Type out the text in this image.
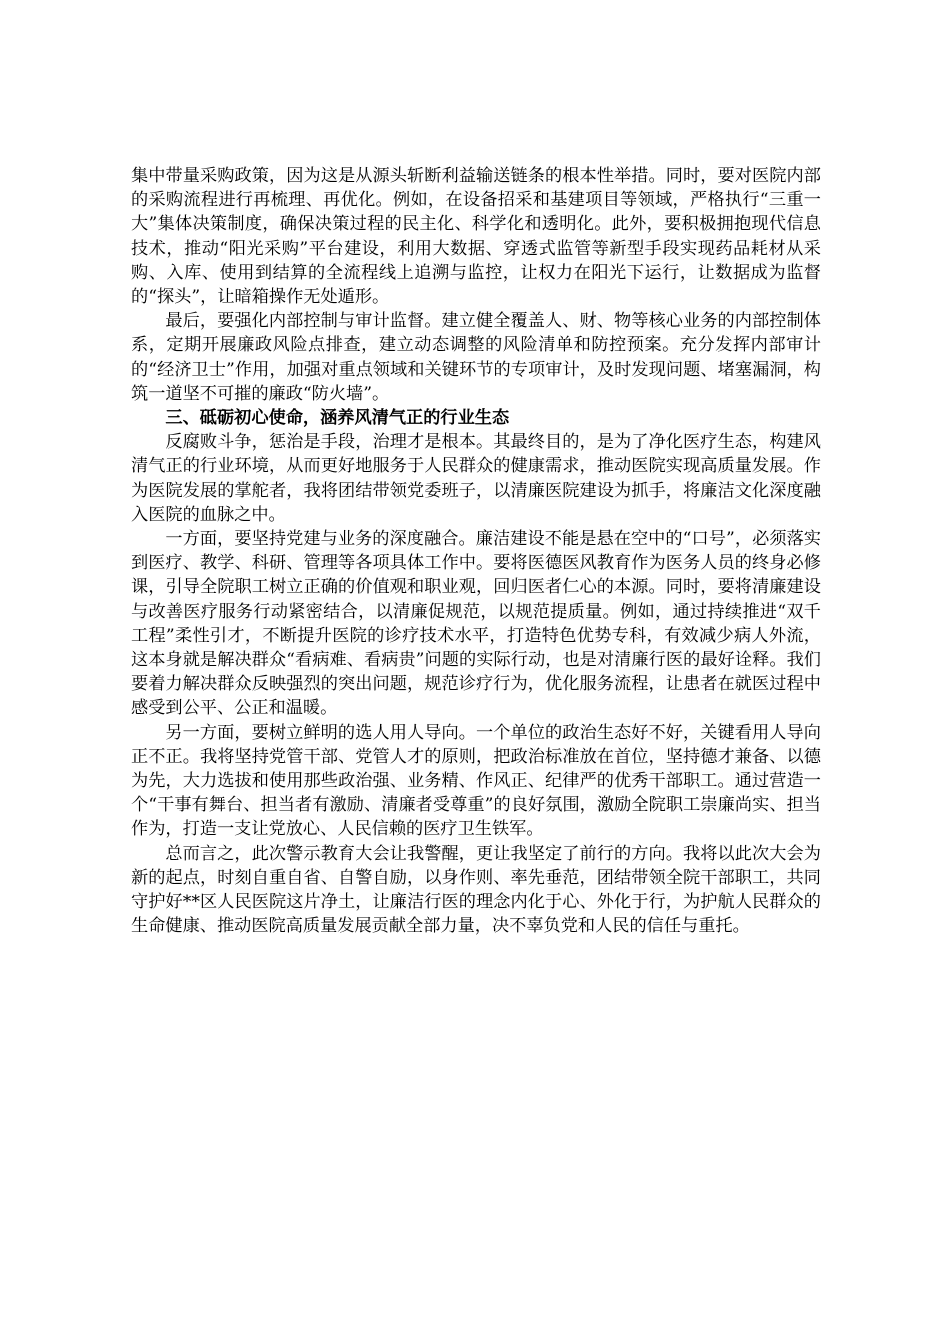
集中带量采购政策，因为这是从源头斩断利益输送链条的根本性举措。同时，要对医院内部的采购流程进行再梳理、再优化。例如，在设备招采和基建项目等领域，严格执行“三重一大”集体决策制度，确保决策过程的民主化、科学化和透明化。此外，要积极拥抱现代信息技术，推动“阳光采购”平台建设，利用大数据、穿透式监管等新型手段实现药品耗材从采购、入库、使用到结算的全流程线上追溯与监控，让权力在阳光下运行，让数据成为监督的“探头”，让暗箱操作无处遁形。

最后，要强化内部控制与审计监督。建立健全覆盖人、财、物等核心业务的内部控制体系，定期开展廉政风险点排查，建立动态调整的风险清单和防控预案。充分发挥内部审计的“经济卫士”作用，加强对重点领域和关键环节的专项审计，及时发现问题、堵塞漏洞，构筑一道坚不可摧的廉政“防火墙”。

三、砥砺初心使命，涵养风清气正的行业生态

反腐败斗争，惩治是手段，治理才是根本。其最终目的，是为了净化医疗生态，构建风清气正的行业环境，从而更好地服务于人民群众的健康需求，推动医院实现高质量发展。作为医院发展的掌舵者，我将团结带领党委班子，以清廉医院建设为抓手，将廉洁文化深度融入医院的血脉之中。

一方面，要坚持党建与业务的深度融合。廉洁建设不能是悬在空中的“口号”，必须落实到医疗、教学、科研、管理等各项具体工作中。要将医德医风教育作为医务人员的终身必修课，引导全院职工树立正确的价值观和职业观，回归医者仁心的本源。同时，要将清廉建设与改善医疗服务行动紧密结合，以清廉促规范，以规范提质量。例如，通过持续推进“双千工程”柔性引才，不断提升医院的诊疗技术水平，打造特色优势专科，有效减少病人外流，这本身就是解决群众“看病难、看病贵”问题的实际行动，也是对清廉行医的最好诠释。我们要着力解决群众反映强烈的突出问题，规范诊疗行为，优化服务流程，让患者在就医过程中感受到公平、公正和温暖。

另一方面，要树立鲜明的选人用人导向。一个单位的政治生态好不好，关键看用人导向正不正。我将坚持党管干部、党管人才的原则，把政治标准放在首位，坚持德才兼备、以德为先，大力选拔和使用那些政治强、业务精、作风正、纪律严的优秀干部职工。通过营造一个“干事有舞台、担当者有激励、清廉者受尊重”的良好氛围，激励全院职工崇廉尚实、担当作为，打造一支让党放心、人民信赖的医疗卫生铁军。

总而言之，此次警示教育大会让我警醒，更让我坚定了前行的方向。我将以此次大会为新的起点，时刻自重自省、自警自励，以身作则、率先垂范，团结带领全院干部职工，共同守护好**区人民医院这片净土，让廉洁行医的理念内化于心、外化于行，为护航人民群众的生命健康、推动医院高质量发展贡献全部力量，决不辜负党和人民的信任与重托。
